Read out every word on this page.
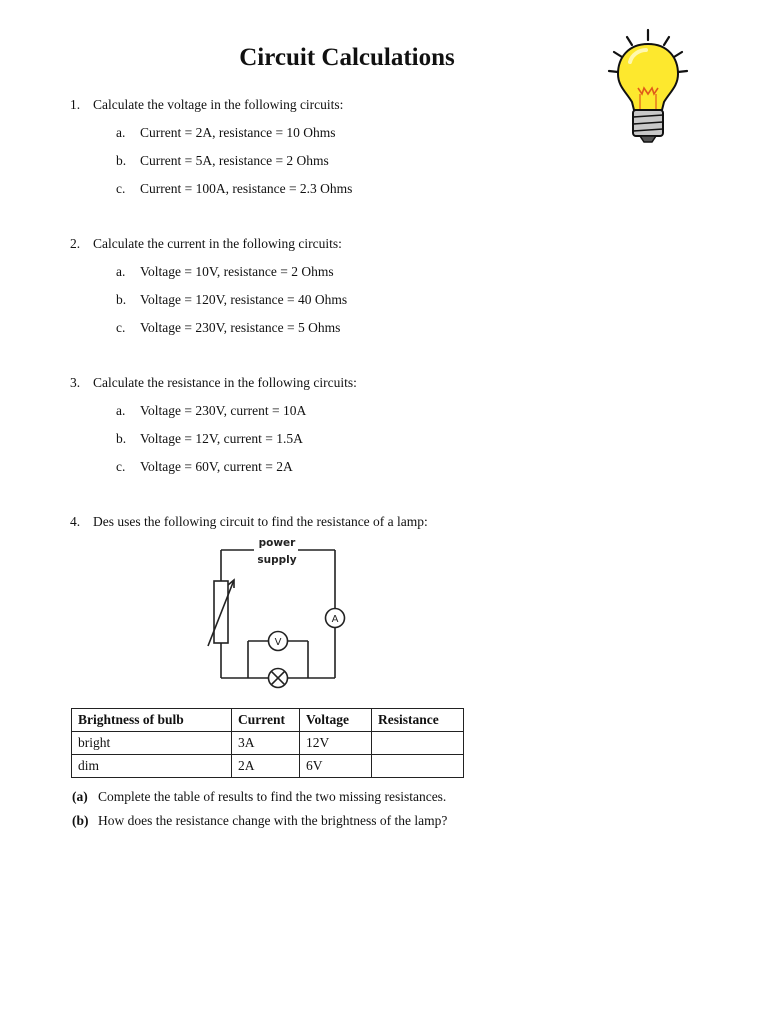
Circuit Calculations
1. Calculate the voltage in the following circuits:
a. Current = 2A, resistance = 10 Ohms
b. Current = 5A, resistance = 2 Ohms
c. Current = 100A, resistance = 2.3 Ohms
2. Calculate the current in the following circuits:
a. Voltage = 10V, resistance = 2 Ohms
b. Voltage = 120V, resistance = 40 Ohms
c. Voltage = 230V, resistance = 5 Ohms
3. Calculate the resistance in the following circuits:
a. Voltage = 230V, current = 10A
b. Voltage = 12V, current = 1.5A
c. Voltage = 60V, current = 2A
4. Des uses the following circuit to find the resistance of a lamp:
V
A
power
supply
Brightness of bulb	Current	Voltage	Resistance
bright	3A	12V	
dim	2A	6V	
(a) Complete the table of results to find the two missing resistances.
(b) How does the resistance change with the brightness of the lamp?
